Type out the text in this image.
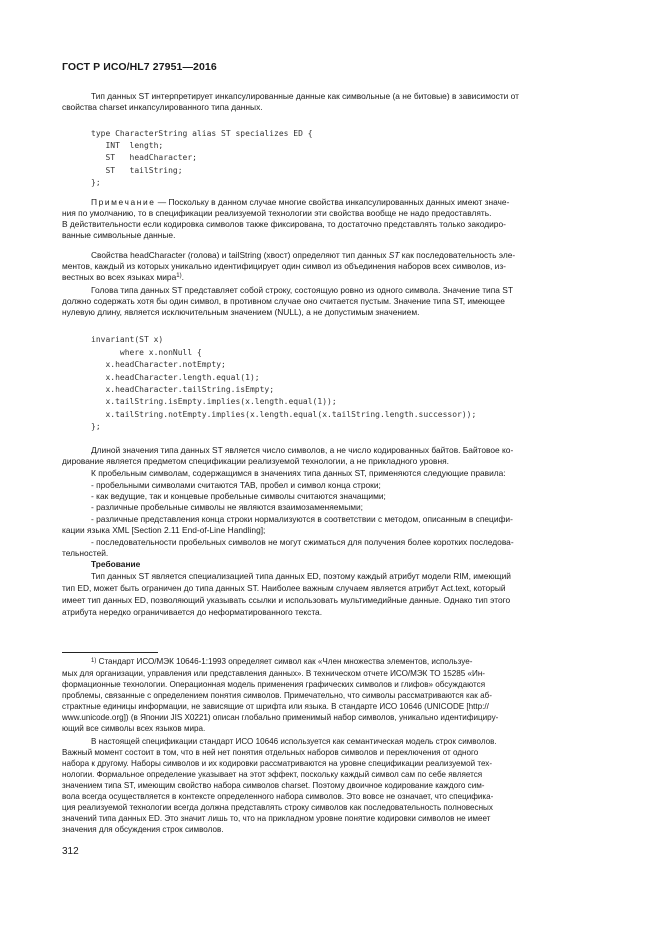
ГОСТ Р ИСО/HL7 27951—2016
Тип данных ST интерпретирует инкапсулированные данные как символьные (а не битовые) в зависимости от
свойства charset инкапсулированного типа данных.
type CharacterString alias ST specializes ED {
INT  length;
ST   headCharacter;
ST   tailString;
};
Примечание — Поскольку в данном случае многие свойства инкапсулированных данных имеют значе-
ния по умолчанию, то в спецификации реализуемой технологии эти свойства вообще не надо предоставлять.
В действительности если кодировка символов также фиксирована, то достаточно представлять только закодиро-
ванные символьные данные.
Свойства headCharacter (голова) и tailString (хвост) определяют тип данных ST как последовательность эле-
ментов, каждый из которых уникально идентифицирует один символ из объединения наборов всех символов, из-
вестных во всех языках мира$^{1)}$.
Голова типа данных ST представляет собой строку, состоящую ровно из одного символа. Значение типа ST
должно содержать хотя бы один символ, в противном случае оно считается пустым. Значение типа ST, имеющее
нулевую длину, является исключительным значением (NULL), а не допустимым значением.
invariant(ST x)
where x.nonNull {
x.headCharacter.notEmpty;
x.headCharacter.length.equal(1);
x.headCharacter.tailString.isEmpty;
x.tailString.isEmpty.implies(x.length.equal(1));
x.tailString.notEmpty.implies(x.length.equal(x.tailString.length.successor));
};
Длиной значения типа данных ST является число символов, а не число кодированных байтов. Байтовое ко-
дирование является предметом спецификации реализуемой технологии, а не прикладного уровня.
К пробельным символам, содержащимся в значениях типа данных ST, применяются следующие правила:
- пробельными символами считаются TAB, пробел и символ конца строки;
- как ведущие, так и концевые пробельные символы считаются значащими;
- различные пробельные символы не являются взаимозаменяемыми;
- различные представления конца строки нормализуются в соответствии с методом, описанным в специфи-
кации языка XML [Section 2.11 End-of-Line Handling];
- последовательности пробельных символов не могут сжиматься для получения более коротких последова-
тельностей.
Требование
Тип данных ST является специализацией типа данных ED, поэтому каждый атрибут модели RIM, имеющий
тип ED, может быть ограничен до типа данных ST. Наиболее важным случаем является атрибут Act.text, который
имеет тип данных ED, позволяющий указывать ссылки и использовать мультимедийные данные. Однако тип этого
атрибута нередко ограничивается до неформатированного текста.
$^{1)}$ Стандарт ИСО/МЭК 10646-1:1993 определяет символ как «Член множества элементов, используе-
мых для организации, управления или представления данных». В техническом отчете ИСО/МЭК ТО 15285 «Ин-
формационные технологии. Операционная модель применения графических символов и глифов» обсуждаются
проблемы, связанные с определением понятия символов. Примечательно, что символы рассматриваются как аб-
страктные единицы информации, не зависящие от шрифта или языка. В стандарте ИСО 10646 (UNICODE [http://
www.unicode.org]) (в Японии JIS X0221) описан глобально применимый набор символов, уникально идентифициру-
ющий все символы всех языков мира.
В настоящей спецификации стандарт ИСО 10646 используется как семантическая модель строк символов.
Важный момент состоит в том, что в ней нет понятия отдельных наборов символов и переключения от одного
набора к другому. Наборы символов и их кодировки рассматриваются на уровне спецификации реализуемой тех-
нологии. Формальное определение указывает на этот эффект, поскольку каждый символ сам по себе является
значением типа ST, имеющим свойство набора символов charset. Поэтому двоичное кодирование каждого сим-
вола всегда осуществляется в контексте определенного набора символов. Это вовсе не означает, что специфика-
ция реализуемой технологии всегда должна представлять строку символов как последовательность полновесных
значений типа данных ED. Это значит лишь то, что на прикладном уровне понятие кодировки символов не имеет
значения для обсуждения строк символов.
312
